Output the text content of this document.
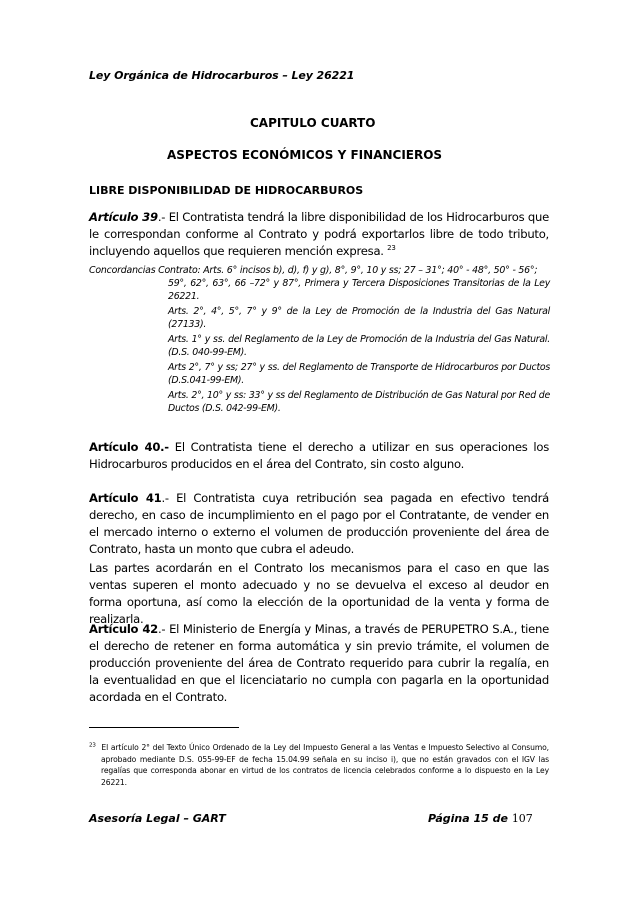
Ley Orgánica de Hidrocarburos – Ley 26221
CAPITULO CUARTO
ASPECTOS ECONÓMICOS Y FINANCIEROS
LIBRE DISPONIBILIDAD DE HIDROCARBUROS
Artículo 39.- El Contratista tendrá la libre disponibilidad de los Hidrocarburos que le correspondan conforme al Contrato y podrá exportarlos libre de todo tributo, incluyendo aquellos que requieren mención expresa. $^{23}$
Concordancias Contrato: Arts. 6° incisos b), d), f) y g), 8°, 9°, 10 y ss; 27 – 31°; 40° - 48°, 50° - 56°;
59°, 62°, 63°, 66 –72° y 87°, Primera y Tercera Disposiciones Transitorias de la Ley 26221.
Arts. 2°, 4°, 5°, 7° y 9° de la Ley de Promoción de la Industria del Gas Natural (27133).
Arts. 1° y ss. del Reglamento de la Ley de Promoción de la Industria del Gas Natural. (D.S. 040-99-EM).
Arts 2°, 7° y ss; 27° y ss. del Reglamento de Transporte de Hidrocarburos por Ductos (D.S.041-99-EM).
Arts. 2°, 10° y ss: 33° y ss del Reglamento de Distribución de Gas Natural por Red de Ductos (D.S. 042-99-EM).
Artículo 40.- El Contratista tiene el derecho a utilizar en sus operaciones los Hidrocarburos producidos en el área del Contrato, sin costo alguno.
Artículo 41.- El Contratista cuya retribución sea pagada en efectivo tendrá derecho, en caso de incumplimiento en el pago por el Contratante, de vender en el mercado interno o externo el volumen de producción proveniente del área de Contrato, hasta un monto que cubra el adeudo.
Las partes acordarán en el Contrato los mecanismos para el caso en que las ventas superen el monto adecuado y no se devuelva el exceso al deudor en forma oportuna, así como la elección de la oportunidad de la venta y forma de realizarla.
Artículo 42.- El Ministerio de Energía y Minas, a través de PERUPETRO S.A., tiene el derecho de retener en forma automática y sin previo trámite, el volumen de producción proveniente del área de Contrato requerido para cubrir la regalía, en la eventualidad en que el licenciatario no cumpla con pagarla en la oportunidad acordada en el Contrato.
$^{23}$ El artículo 2° del Texto Único Ordenado de la Ley del Impuesto General a las Ventas e Impuesto Selectivo al Consumo, aprobado mediante D.S. 055-99-EF de fecha 15.04.99 señala en su inciso i), que no están gravados con el IGV las regalías que corresponda abonar en virtud de los contratos de licencia celebrados conforme a lo dispuesto en la Ley 26221.
Asesoría Legal – GART	Página 15 de 107
